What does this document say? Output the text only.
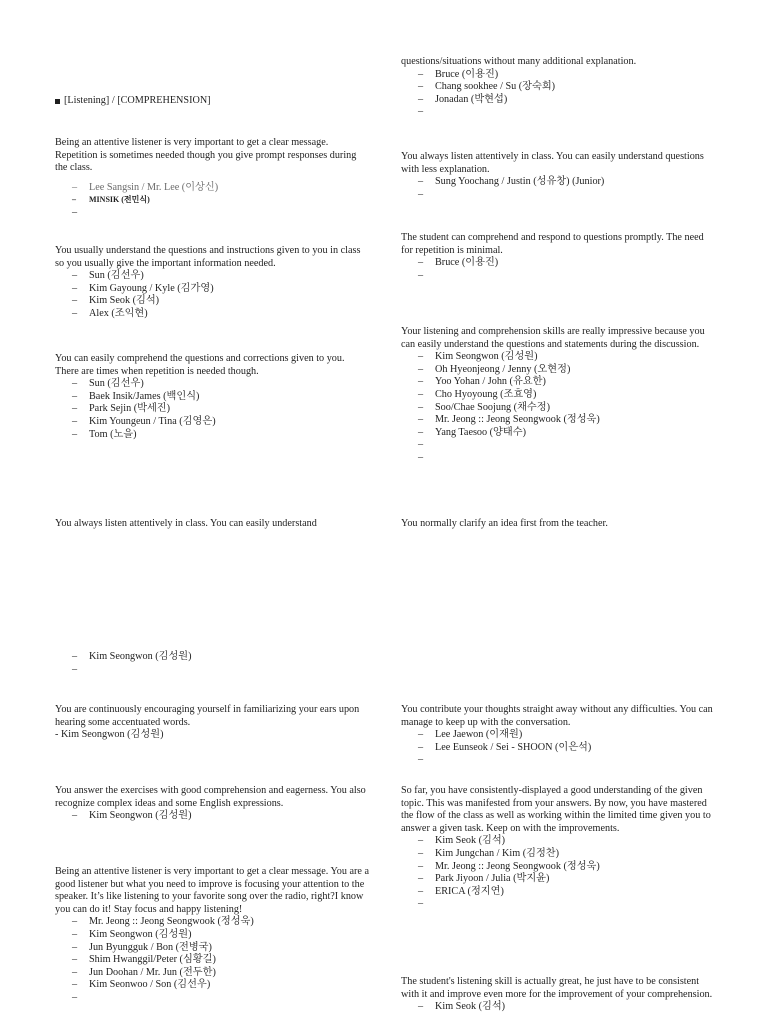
[Listening] / [COMPREHENSION]

Being an attentive listener is very important to get a clear message. Repetition is sometimes needed though you give prompt responses during the class.

– Lee Sangsin / Mr. Lee (이상신)
– MINSIK (전민식)
–

You usually understand the questions and instructions given to you in class so you usually give the important information needed.

– Sun (김선우)
– Kim Gayoung / Kyle (김가영)
– Kim Seok (김석)
– Alex (조익현)

You can easily comprehend the questions and corrections given to you. There are times when repetition is needed though.

– Sun (김선우)
– Baek Insik/James (백인식)
– Park Sejin (박세진)
– Kim Youngeun / Tina (김영은)
– Tom (노을)

You always listen attentively in class. You can easily understand

– Kim Seongwon (김성원)
–

You are continuously encouraging yourself in familiarizing your ears upon hearing some accentuated words.

- Kim Seongwon (김성원)

You answer the exercises with good comprehension and eagerness. You also recognize complex ideas and some English expressions.

– Kim Seongwon (김성원)

Being an attentive listener is very important to get a clear message. You are a good listener but what you need to improve is focusing your attention to the speaker. It’s like listening to your favorite song over the radio, right?I know you can do it! Stay focus and happy listening!

– Mr. Jeong :: Jeong Seongwook (정성욱)
– Kim Seongwon (김성원)
– Jun Byungguk / Bon (전병국)
– Shim Hwanggil/Peter (심황길)
– Jun Doohan / Mr. Jun (전두한)
– Kim Seonwoo / Son (김선우)
–

questions/situations without many additional explanation.

– Bruce (이용진)
– Chang sookhee / Su (장숙희)
– Jonadan (박현섭)
–

You always listen attentively in class. You can easily understand questions with less explanation.

– Sung Yoochang / Justin (성유창) (Junior)
–

The student can comprehend and respond to questions promptly. The need for repetition is minimal.

– Bruce (이용진)
–

Your listening and comprehension skills are really impressive because you can easily understand the questions and statements during the discussion.

– Kim Seongwon (김성원)
– Oh Hyeonjeong / Jenny (오현정)
– Yoo Yohan / John (유요한)
– Cho Hyoyoung (조효영)
– Soo/Chae Soojung (채수정)
– Mr. Jeong :: Jeong Seongwook (정성욱)
– Yang Taesoo (양태수)
–
–

You normally clarify an idea first from the teacher.

You contribute your thoughts straight away without any difficulties. You can manage to keep up with the conversation.

– Lee Jaewon (이재원)
– Lee Eunseok / Sei - SHOON (이은석)
–

So far, you have consistently-displayed a good understanding of the given topic. This was manifested from your answers. By now, you have mastered the flow of the class as well as working within the limited time given you to answer a given task. Keep on with the improvements.

– Kim Seok (김석)
– Kim Jungchan / Kim (김정찬)
– Mr. Jeong :: Jeong Seongwook (정성욱)
– Park Jiyoon / Julia (박지윤)
– ERICA (정지연)
–

The student's listening skill is actually great, he just have to be consistent with it and improve even more for the improvement of your comprehension.

– Kim Seok (김석)
